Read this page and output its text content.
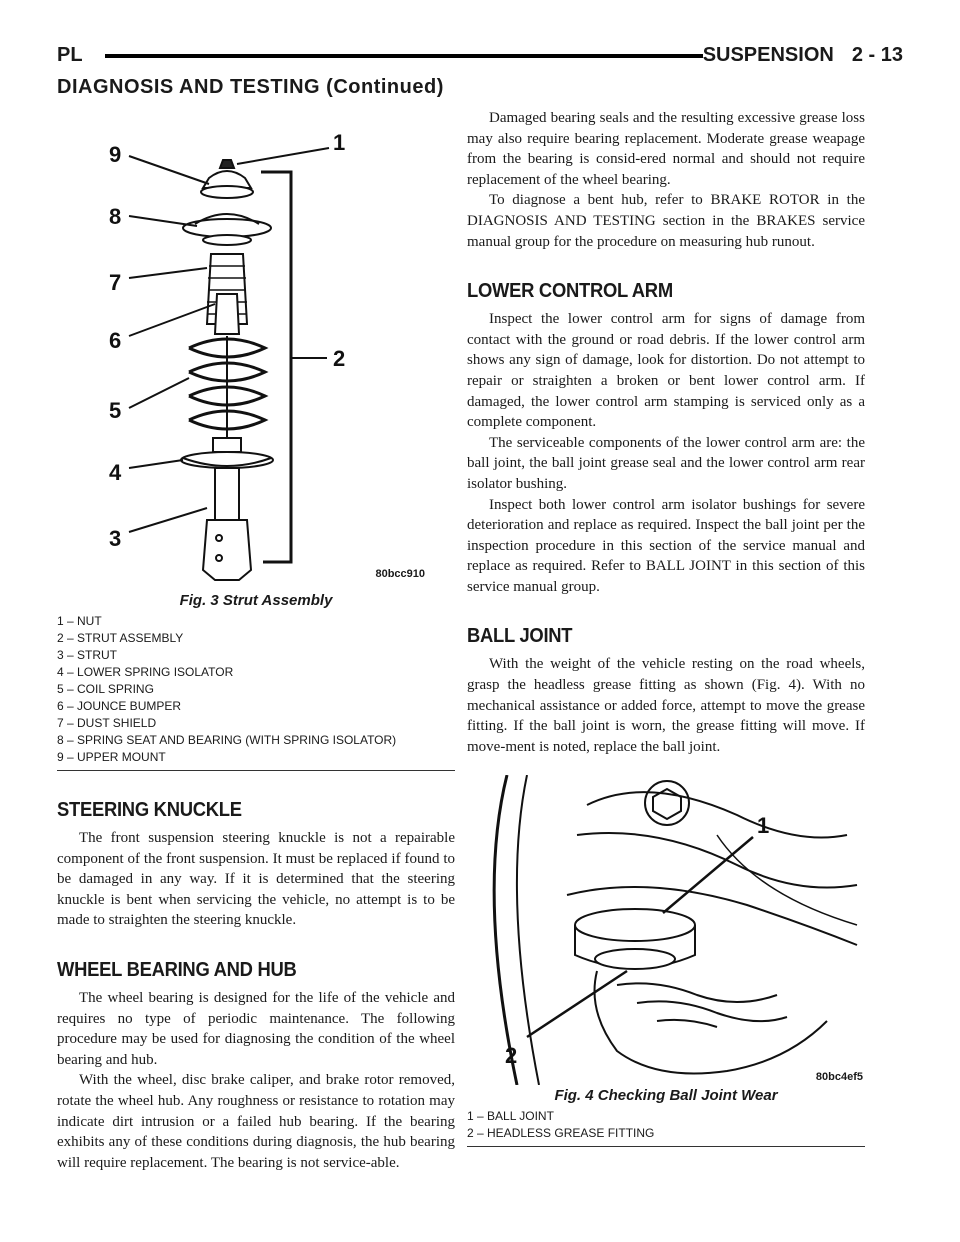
PL	SUSPENSION 2 - 13
DIAGNOSIS AND TESTING (Continued)
1
2
3
4
5
6
7
8
9
80bcc910
Fig. 3 Strut Assembly
1 – NUT
2 – STRUT ASSEMBLY
3 – STRUT
4 – LOWER SPRING ISOLATOR
5 – COIL SPRING
6 – JOUNCE BUMPER
7 – DUST SHIELD
8 – SPRING SEAT AND BEARING (WITH SPRING ISOLATOR)
9 – UPPER MOUNT
STEERING KNUCKLE

The front suspension steering knuckle is not a repairable component of the front suspension. It must be replaced if found to be damaged in any way. If it is determined that the steering knuckle is bent when servicing the vehicle, no attempt is to be made to straighten the steering knuckle.

WHEEL BEARING AND HUB

The wheel bearing is designed for the life of the vehicle and requires no type of periodic maintenance. The following procedure may be used for diagnosing the condition of the wheel bearing and hub.

With the wheel, disc brake caliper, and brake rotor removed, rotate the wheel hub. Any roughness or resistance to rotation may indicate dirt intrusion or a failed hub bearing. If the bearing exhibits any of these conditions during diagnosis, the hub bearing will require replacement. The bearing is not service-able.

Damaged bearing seals and the resulting excessive grease loss may also require bearing replacement. Moderate grease weapage from the bearing is consid-ered normal and should not require replacement of the wheel bearing.

To diagnose a bent hub, refer to BRAKE ROTOR in the DIAGNOSIS AND TESTING section in the BRAKES service manual group for the procedure on measuring hub runout.

LOWER CONTROL ARM

Inspect the lower control arm for signs of damage from contact with the ground or road debris. If the lower control arm shows any sign of damage, look for distortion. Do not attempt to repair or straighten a broken or bent lower control arm. If damaged, the lower control arm stamping is serviced only as a complete component.

The serviceable components of the lower control arm are: the ball joint, the ball joint grease seal and the lower control arm rear isolator bushing.

Inspect both lower control arm isolator bushings for severe deterioration and replace as required. Inspect the ball joint per the inspection procedure in this section of the service manual and replace as required. Refer to BALL JOINT in this section of this service manual group.

BALL JOINT

With the weight of the vehicle resting on the road wheels, grasp the headless grease fitting as shown (Fig. 4). With no mechanical assistance or added force, attempt to move the grease fitting. If the ball joint is worn, the grease fitting will move. If move-ment is noted, replace the ball joint.

1
2
80bc4ef5
Fig. 4 Checking Ball Joint Wear
1 – BALL JOINT
2 – HEADLESS GREASE FITTING
